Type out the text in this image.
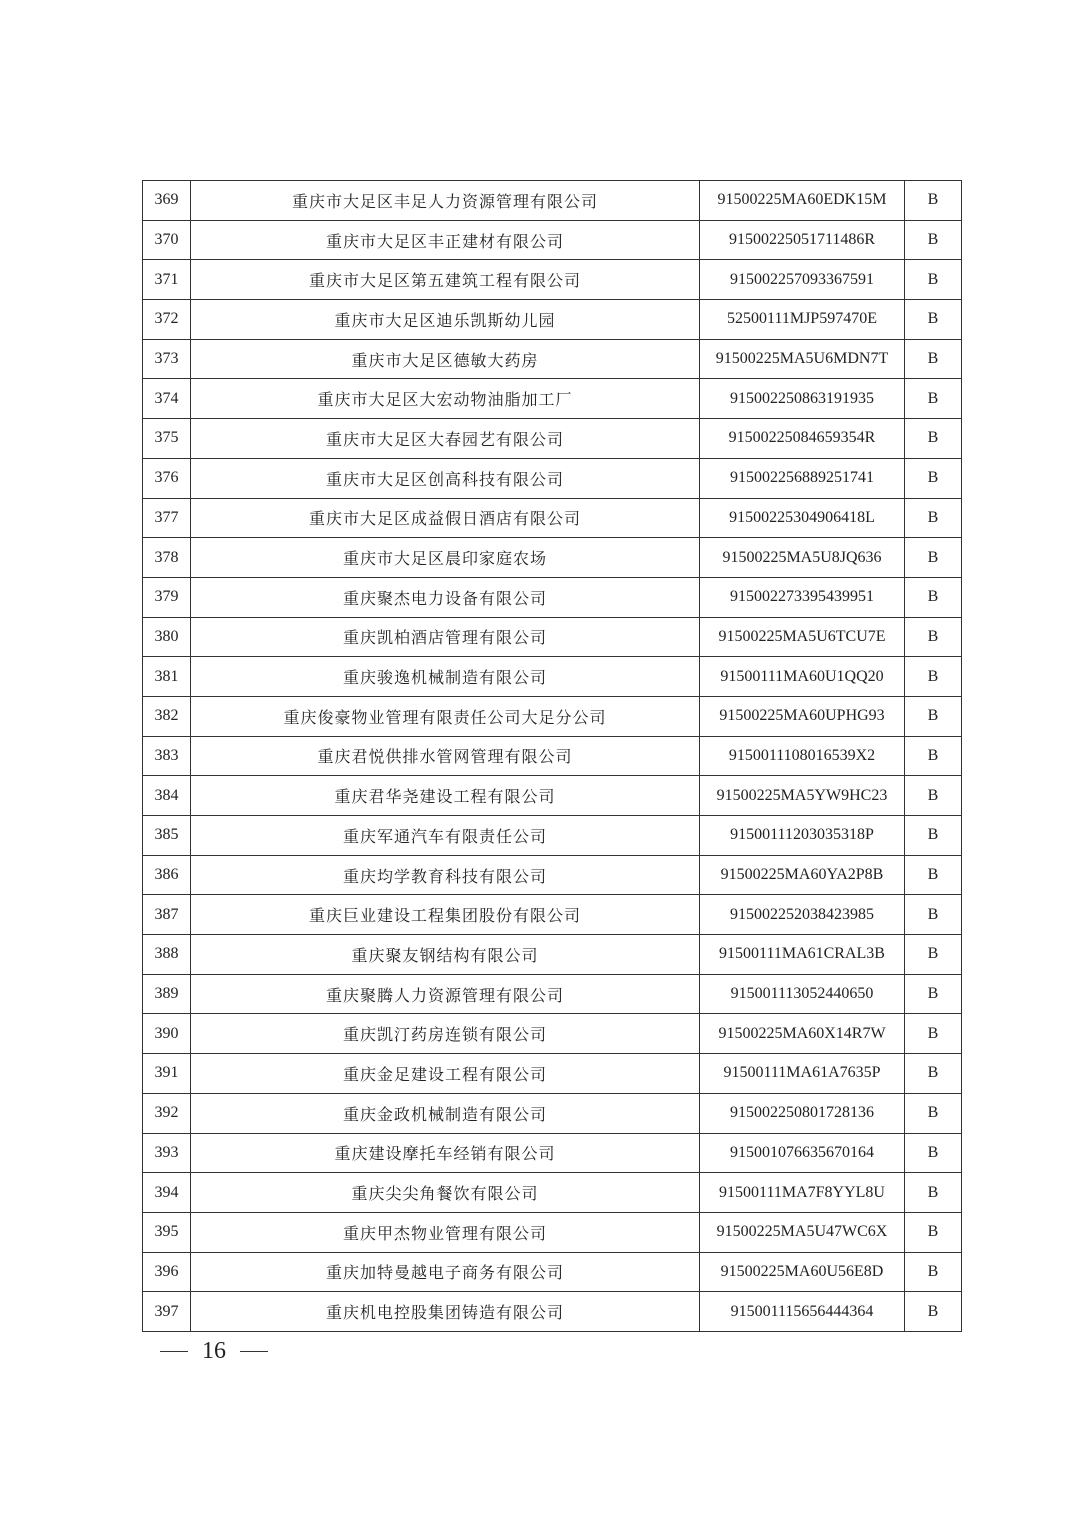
369	重庆市大足区丰足人力资源管理有限公司	91500225MA60EDK15M	B
370	重庆市大足区丰正建材有限公司	91500225051711486R	B
371	重庆市大足区第五建筑工程有限公司	915002257093367591	B
372	重庆市大足区迪乐凯斯幼儿园	52500111MJP597470E	B
373	重庆市大足区德敏大药房	91500225MA5U6MDN7T	B
374	重庆市大足区大宏动物油脂加工厂	915002250863191935	B
375	重庆市大足区大春园艺有限公司	91500225084659354R	B
376	重庆市大足区创高科技有限公司	915002256889251741	B
377	重庆市大足区成益假日酒店有限公司	91500225304906418L	B
378	重庆市大足区晨印家庭农场	91500225MA5U8JQ636	B
379	重庆聚杰电力设备有限公司	915002273395439951	B
380	重庆凯柏酒店管理有限公司	91500225MA5U6TCU7E	B
381	重庆骏逸机械制造有限公司	91500111MA60U1QQ20	B
382	重庆俊豪物业管理有限责任公司大足分公司	91500225MA60UPHG93	B
383	重庆君悦供排水管网管理有限公司	9150011108016539X2	B
384	重庆君华尧建设工程有限公司	91500225MA5YW9HC23	B
385	重庆军通汽车有限责任公司	91500111203035318P	B
386	重庆均学教育科技有限公司	91500225MA60YA2P8B	B
387	重庆巨业建设工程集团股份有限公司	915002252038423985	B
388	重庆聚友钢结构有限公司	91500111MA61CRAL3B	B
389	重庆聚腾人力资源管理有限公司	915001113052440650	B
390	重庆凯汀药房连锁有限公司	91500225MA60X14R7W	B
391	重庆金足建设工程有限公司	91500111MA61A7635P	B
392	重庆金政机械制造有限公司	915002250801728136	B
393	重庆建设摩托车经销有限公司	915001076635670164	B
394	重庆尖尖角餐饮有限公司	91500111MA7F8YYL8U	B
395	重庆甲杰物业管理有限公司	91500225MA5U47WC6X	B
396	重庆加特曼越电子商务有限公司	91500225MA60U56E8D	B
397	重庆机电控股集团铸造有限公司	915001115656444364	B
16
